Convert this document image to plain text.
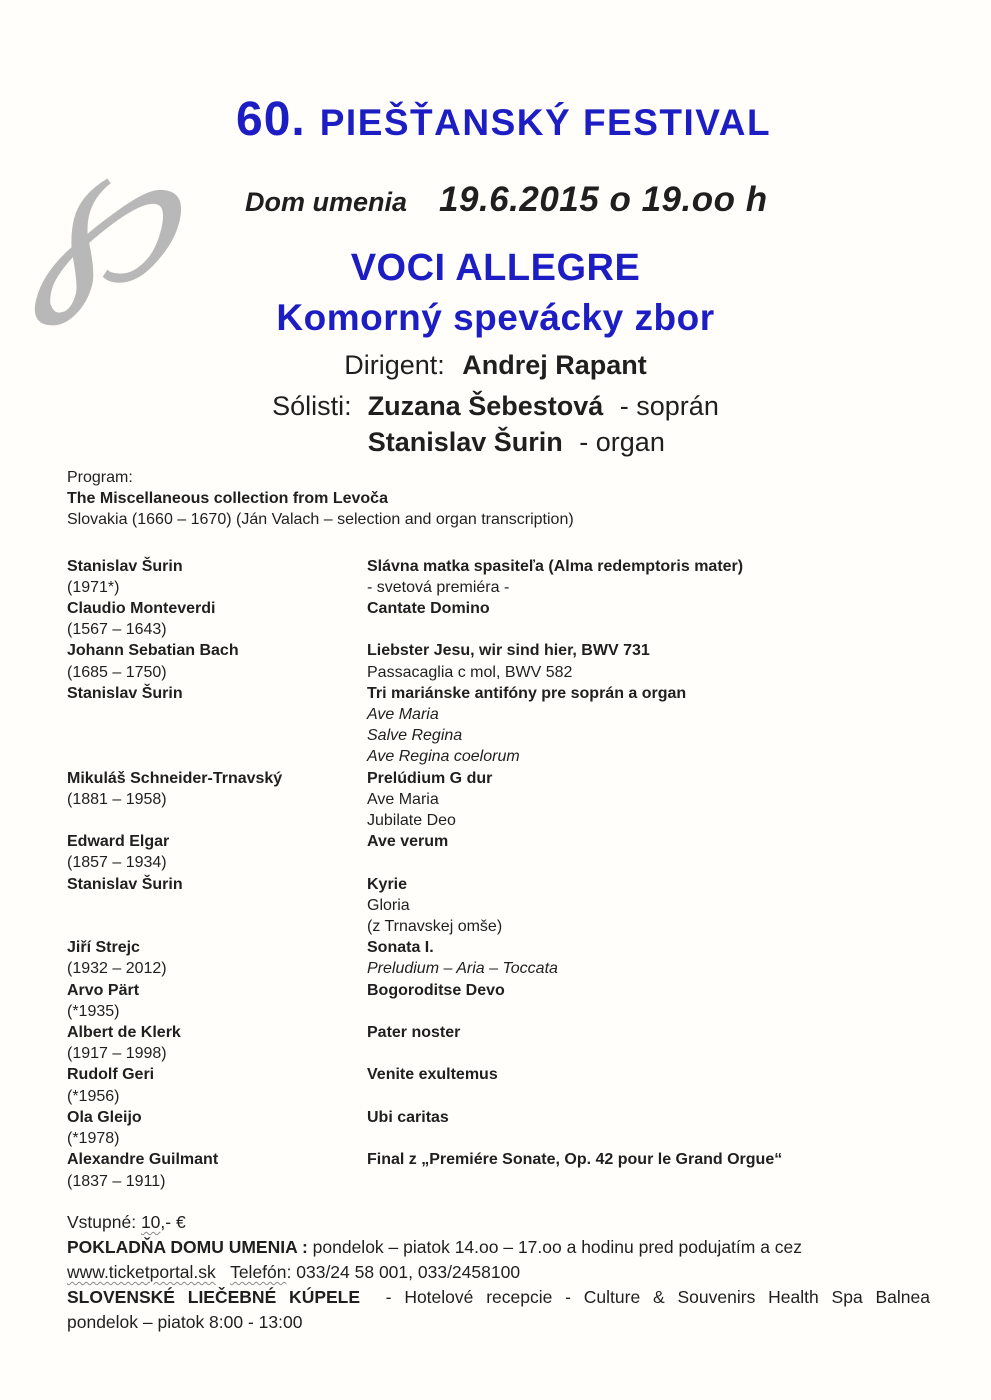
℘ 60. PIEŠŤANSKÝ FESTIVAL
Dom umenia 19.6.2015 o 19.oo h
VOCI ALLEGRE
Komorný spevácky zbor
Dirigent: Andrej Rapant
Sólisti: Zuzana Šebestová - soprán
Stanislav Šurin - organ
Program:
The Miscellaneous collection from Levoča
Slovakia (1660 – 1670) (Ján Valach – selection and organ transcription)
Stanislav Šurin
(1971*)
Claudio Monteverdi
(1567 – 1643)
Johann Sebatian Bach
(1685 – 1750)
Stanislav Šurin

Mikuláš Schneider-Trnavský
(1881 – 1958)

Edward Elgar
(1857 – 1934)
Stanislav Šurin

Jiří Strejc
(1932 – 2012)
Arvo Pärt
(*1935)
Albert de Klerk
(1917 – 1998)
Rudolf Geri
(*1956)
Ola Gleijo
(*1978)
Alexandre Guilmant
(1837 – 1911)
Slávna matka spasiteľa (Alma redemptoris mater)
- svetová premiéra -
Cantate Domino

Liebster Jesu, wir sind hier, BWV 731
Passacaglia c mol, BWV 582
Tri mariánske antifóny pre soprán a organ
Ave Maria
Salve Regina
Ave Regina coelorum
Prelúdium G dur
Ave Maria
Jubilate Deo
Ave verum

Kyrie
Gloria
(z Trnavskej omše)
Sonata I.
Preludium – Aria – Toccata
Bogoroditse Devo

Pater noster

Venite exultemus

Ubi caritas

Final z „Premiére Sonate, Op. 42 pour le Grand Orgue“

Vstupné: 10,- €
POKLADŇA DOMU UMENIA : pondelok – piatok 14.oo – 17.oo a hodinu pred podujatím a cez
www.ticketportal.sk Telefón: 033/24 58 001, 033/2458100
SLOVENSKÉ LIEČEBNÉ KÚPELE  - Hotelové recepcie - Culture & Souvenirs Health Spa Balnea
pondelok – piatok 8:00 - 13:00
